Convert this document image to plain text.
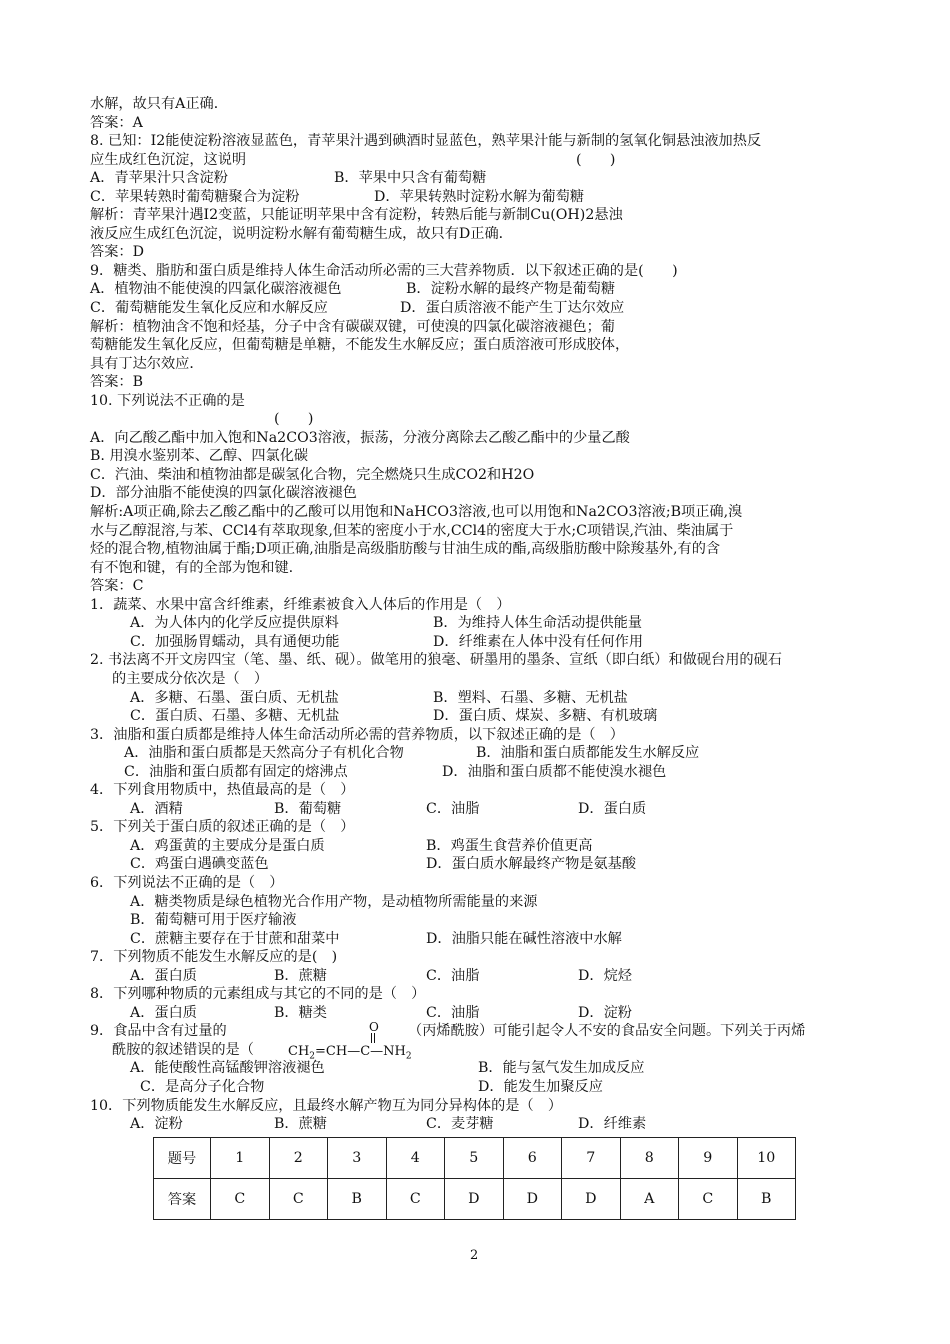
水解，故只有A正确．
答案：A
8. 已知：I2能使淀粉溶液显蓝色，青苹果汁遇到碘酒时显蓝色，熟苹果汁能与新制的氢氧化铜悬浊液加热反
应生成红色沉淀，这说明	(　　)
A．青苹果汁只含淀粉	B．苹果中只含有葡萄糖
C．苹果转熟时葡萄糖聚合为淀粉	D．苹果转熟时淀粉水解为葡萄糖
解析：青苹果汁遇I2变蓝，只能证明苹果中含有淀粉，转熟后能与新制Cu(OH)2悬浊
液反应生成红色沉淀，说明淀粉水解有葡萄糖生成，故只有D正确．
答案：D
9．糖类、脂肪和蛋白质是维持人体生命活动所必需的三大营养物质．以下叙述正确的是(　　)
A．植物油不能使溴的四氯化碳溶液褪色	B．淀粉水解的最终产物是葡萄糖
C．葡萄糖能发生氧化反应和水解反应	D．蛋白质溶液不能产生丁达尔效应
解析：植物油含不饱和烃基，分子中含有碳碳双键，可使溴的四氯化碳溶液褪色；葡
萄糖能发生氧化反应，但葡萄糖是单糖，不能发生水解反应；蛋白质溶液可形成胶体，
具有丁达尔效应．
答案：B
10. 下列说法不正确的是
(　　)
A．向乙酸乙酯中加入饱和Na2CO3溶液，振荡，分液分离除去乙酸乙酯中的少量乙酸
B. 用溴水鉴别苯、乙醇、四氯化碳
C．汽油、柴油和植物油都是碳氢化合物，完全燃烧只生成CO2和H2O
D．部分油脂不能使溴的四氯化碳溶液褪色
解析:A项正确,除去乙酸乙酯中的乙酸可以用饱和NaHCO3溶液,也可以用饱和Na2CO3溶液;B项正确,溴
水与乙醇混溶,与苯、CCl4有萃取现象,但苯的密度小于水,CCl4的密度大于水;C项错误,汽油、柴油属于
烃的混合物,植物油属于酯;D项正确,油脂是高级脂肪酸与甘油生成的酯,高级脂肪酸中除羧基外,有的含
有不饱和键，有的全部为饱和键.
答案：C
1．蔬菜、水果中富含纤维素，纤维素被食入人体后的作用是（　）
A．为人体内的化学反应提供原料	B．为维持人体生命活动提供能量
C．加强肠胃蠕动，具有通便功能	D．纤维素在人体中没有任何作用
2. 书法离不开文房四宝（笔、墨、纸、砚）。做笔用的狼毫、研墨用的墨条、宣纸（即白纸）和做砚台用的砚石
的主要成分依次是（　）
A．多糖、石墨、蛋白质、无机盐	B．塑料、石墨、多糖、无机盐
C．蛋白质、石墨、多糖、无机盐	D．蛋白质、煤炭、多糖、有机玻璃
3．油脂和蛋白质都是维持人体生命活动所必需的营养物质，以下叙述正确的是（　）
A．油脂和蛋白质都是天然高分子有机化合物	B．油脂和蛋白质都能发生水解反应
C．油脂和蛋白质都有固定的熔沸点	D．油脂和蛋白质都不能使溴水褪色
4．下列食用物质中，热值最高的是（　）
A．酒精	B．葡萄糖	C．油脂	D．蛋白质
5．下列关于蛋白质的叙述正确的是（　）
A．鸡蛋黄的主要成分是蛋白质	B．鸡蛋生食营养价值更高
C．鸡蛋白遇碘变蓝色	D．蛋白质水解最终产物是氨基酸
6．下列说法不正确的是（　）
A．糖类物质是绿色植物光合作用产物，是动植物所需能量的来源
B．葡萄糖可用于医疗输液
C．蔗糖主要存在于甘蔗和甜菜中	D．油脂只能在碱性溶液中水解
7．下列物质不能发生水解反应的是(　)
A．蛋白质	B．蔗糖	C．油脂	D．烷烃
8．下列哪种物质的元素组成与其它的不同的是（　）
A．蛋白质	B．糖类	C．油脂	D．淀粉
9．食品中含有过量的	（丙烯酰胺）可能引起令人不安的食品安全问题。下列关于丙烯
酰胺的叙述错误的是（
A．能使酸性高锰酸钾溶液褪色	B．能与氢气发生加成反应
C．是高分子化合物	D．能发生加聚反应
10．下列物质能发生水解反应，且最终水解产物互为同分异构体的是（　）
A．淀粉	B．蔗糖	C．麦芽糖	D．纤维素
O
$CH_2=CH—C—NH_2$
题号	1	2	3	4	5	6	7	8	9	10
答案	C	C	B	C	D	D	D	A	C	B
2
